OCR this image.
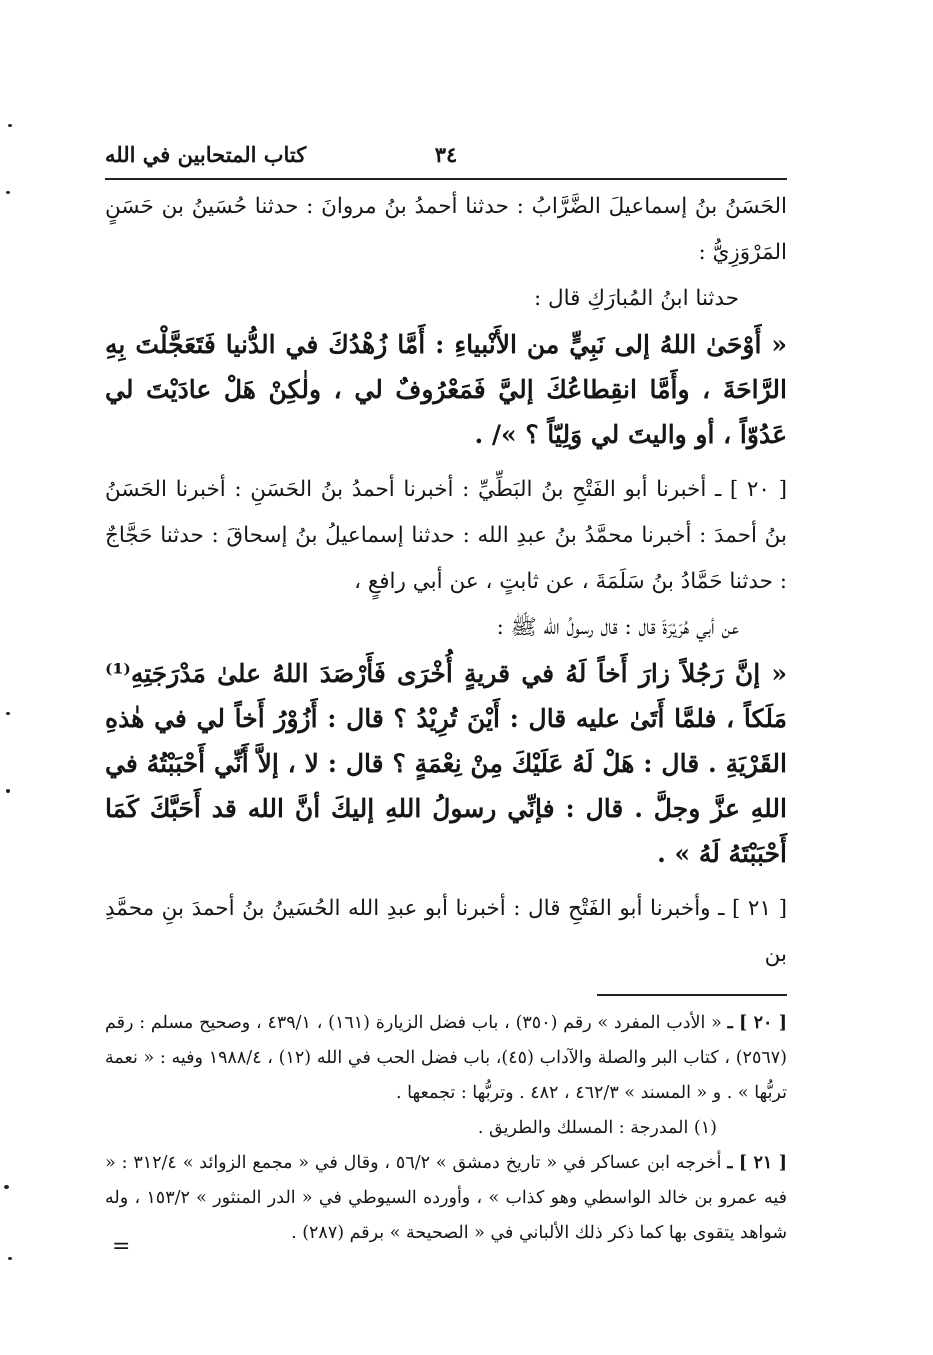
كتاب المتحابين في الله	٣٤

الحَسَنُ بنُ إسماعيلَ الضَّرَّابُ : حدثنا أحمدُ بنُ مروانَ : حدثنا حُسَينُ بن حَسَنٍ المَرْوَزِيُّ :

حدثنا ابنُ المُبارَكِ قال :

« أَوْحَىٰ اللهُ إلى نَبِيٍّ من الأَنْبياءِ : أَمَّا زُهْدُكَ في الدُّنيا فَتَعَجَّلْتَ بِهِ الرَّاحَةَ ، وأَمَّا انقِطاعُكَ إليَّ فَمَعْرُوفٌ لي ، ولٰكِنْ هَلْ عادَيْتَ لي عَدُوّاً ، أو واليتَ لي وَلِيّاً ؟ »/ .

[ ٢٠ ] ـ أخبرنا أبو الفَتْحِ بنُ البَطِّيِّ : أخبرنا أحمدُ بنُ الحَسَنِ : أخبرنا الحَسَنُ بنُ أحمدَ : أخبرنا محمَّدُ بنُ عبدِ الله : حدثنا إسماعيلُ بنُ إسحاقَ : حدثنا حَجَّاجٌ : حدثنا حَمَّادُ بنُ سَلَمَةَ ، عن ثابتٍ ، عن أبي رافعٍ ،

عن أبي هُرَيْرَةَ قال : قال رسولُ الله ﷺ :

« إنَّ رَجُلاً زارَ أَخاً لَهُ في قريةٍ أُخْرَى فَأَرْصَدَ اللهُ علىٰ مَدْرَجَتِهِ⁽¹⁾ مَلَكاً ، فلمَّا أَتَىٰ عليه قال : أَيْنَ تُرِيْدُ ؟ قال : أَزُوْرُ أَخاً لي في هٰذهِ القَرْيَةِ . قال : هَلْ لَهُ عَلَيْكَ مِنْ نِعْمَةٍ ؟ قال : لا ، إلاَّ أَنِّي أَحْبَبْتُهُ في اللهِ عزَّ وجلَّ . قال : فإنِّي رسولُ اللهِ إليكَ أنَّ الله قد أَحَبَّكَ كَمَا أَحْبَبْتَهُ لَهُ » .

[ ٢١ ] ـ وأخبرنا أبو الفَتْحِ قال : أخبرنا أبو عبدِ الله الحُسَينُ بنُ أحمدَ بنِ محمَّدِ بن

[ ٢٠ ] ـ « الأدب المفرد » رقم (٣٥٠) ، باب فضل الزيارة (١٦١) ، ٤٣٩/١ ، وصحيح مسلم : رقم (٢٥٦٧) ، كتاب البر والصلة والآداب (٤٥)، باب فضل الحب في الله (١٢) ، ١٩٨٨/٤ وفيه : « نعمة تربُّها » . و « المسند » ٤٦٢/٣ ، ٤٨٢ . وتربُّها : تجمعها .

(١) المدرجة : المسلك والطريق .

[ ٢١ ] ـ أخرجه ابن عساكر في « تاريخ دمشق » ٥٦/٢ ، وقال في « مجمع الزوائد » ٣١٢/٤ : « فيه عمرو بن خالد الواسطي وهو كذاب » ، وأورده السيوطي في « الدر المنثور » ١٥٣/٢ ، وله شواهد يتقوى بها كما ذكر ذلك الألباني في « الصحيحة » برقم (٢٨٧) .

=
